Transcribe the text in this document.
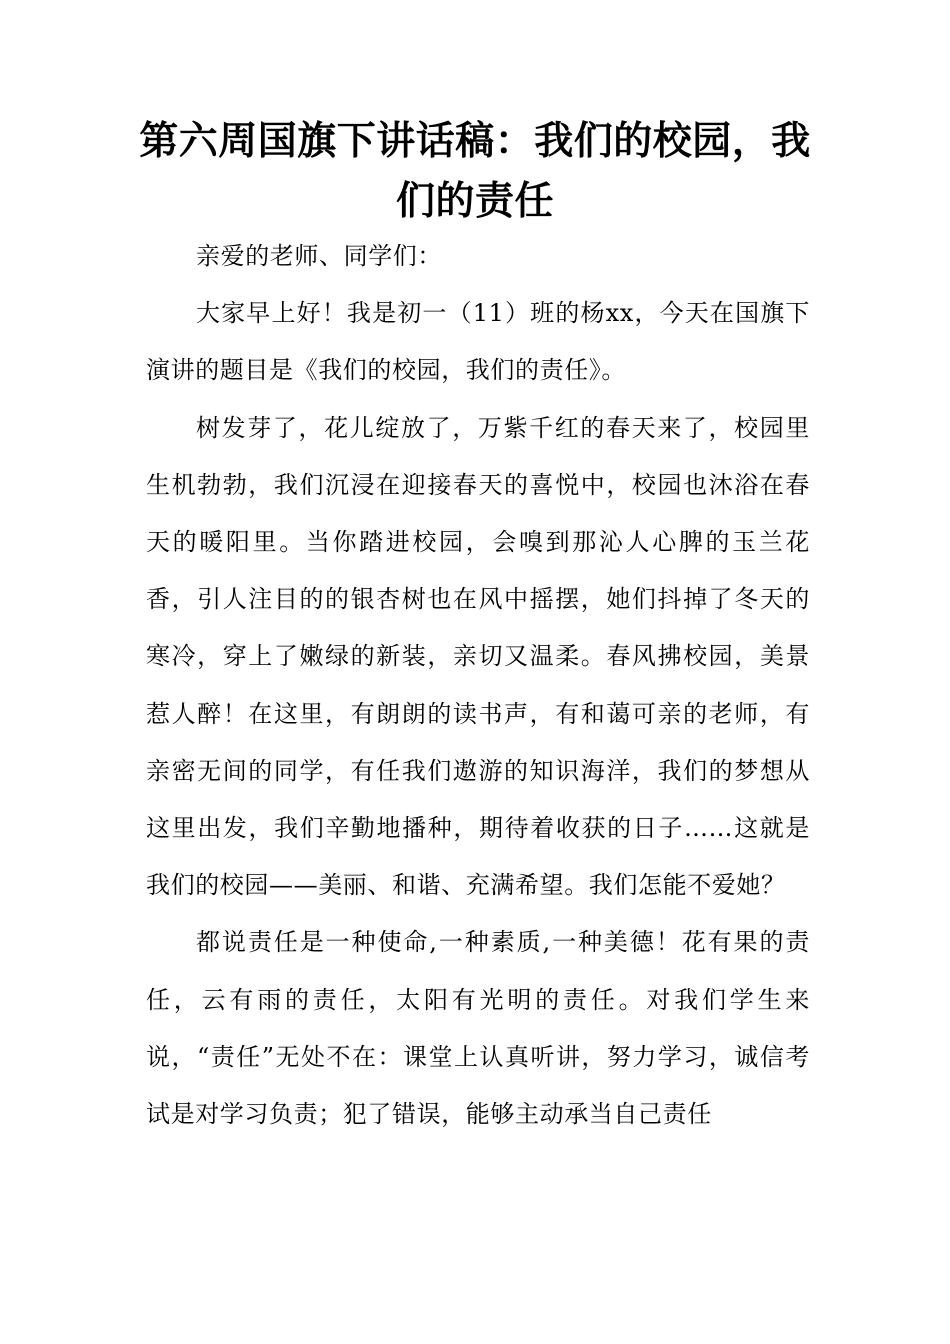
第六周国旗下讲话稿：我们的校园，我们的责任

亲爱的老师、同学们：

大家早上好！我是初一（11）班的杨xx，今天在国旗下演讲的题目是《我们的校园，我们的责任》。

树发芽了，花儿绽放了，万紫千红的春天来了，校园里生机勃勃，我们沉浸在迎接春天的喜悦中，校园也沐浴在春天的暖阳里。当你踏进校园，会嗅到那沁人心脾的玉兰花香，引人注目的的银杏树也在风中摇摆，她们抖掉了冬天的寒冷，穿上了嫩绿的新装，亲切又温柔。春风拂校园，美景惹人醉！在这里，有朗朗的读书声，有和蔼可亲的老师，有亲密无间的同学，有任我们遨游的知识海洋，我们的梦想从这里出发，我们辛勤地播种，期待着收获的日子……这就是我们的校园——美丽、和谐、充满希望。我们怎能不爱她？

都说责任是一种使命,一种素质,一种美德！花有果的责任，云有雨的责任，太阳有光明的责任。对我们学生来说，“责任”无处不在：课堂上认真听讲，努力学习，诚信考试是对学习负责；犯了错误，能够主动承当自己责任
